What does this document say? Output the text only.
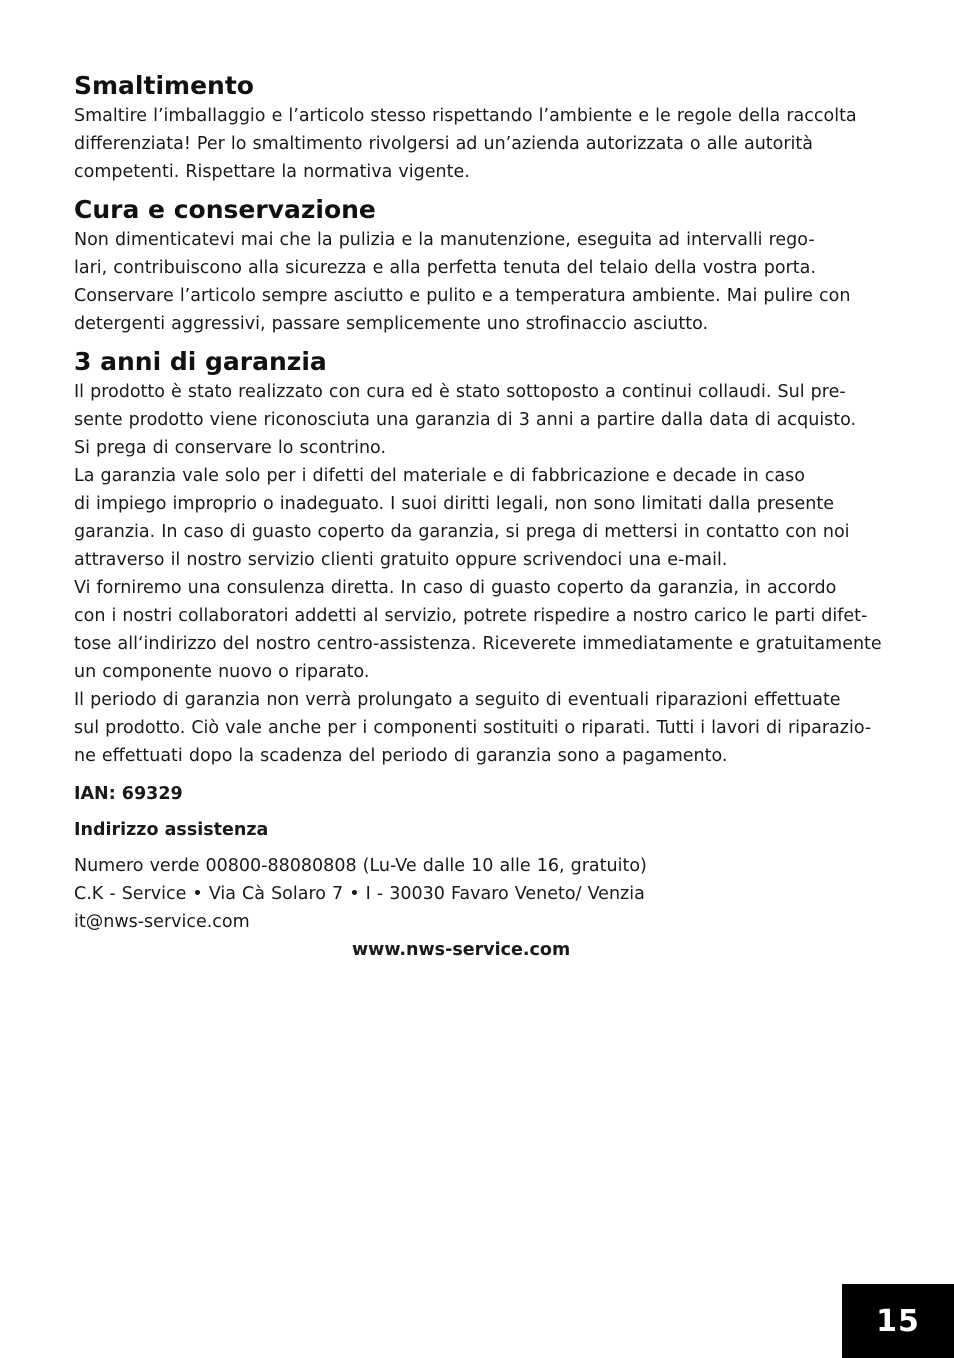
Smaltimento

Smaltire l’imballaggio e l’articolo stesso rispettando l’ambiente e le regole della raccolta
differenziata! Per lo smaltimento rivolgersi ad un’azienda autorizzata o alle autorità
competenti. Rispettare la normativa vigente.

Cura e conservazione

Non dimenticatevi mai che la pulizia e la manutenzione, eseguita ad intervalli rego-
lari, contribuiscono alla sicurezza e alla perfetta tenuta del telaio della vostra porta.
Conservare l’articolo sempre asciutto e pulito e a temperatura ambiente. Mai pulire con
detergenti aggressivi, passare semplicemente uno strofinaccio asciutto.

3 anni di garanzia

Il prodotto è stato realizzato con cura ed è stato sottoposto a continui collaudi. Sul pre-
sente prodotto viene riconosciuta una garanzia di 3 anni a partire dalla data di acquisto.
Si prega di conservare lo scontrino.
La garanzia vale solo per i difetti del materiale e di fabbricazione e decade in caso
di impiego improprio o inadeguato. I suoi diritti legali, non sono limitati dalla presente
garanzia. In caso di guasto coperto da garanzia, si prega di mettersi in contatto con noi
attraverso il nostro servizio clienti gratuito oppure scrivendoci una e-mail.
Vi forniremo una consulenza diretta. In caso di guasto coperto da garanzia, in accordo
con i nostri collaboratori addetti al servizio, potrete rispedire a nostro carico le parti difet-
tose all‘indirizzo del nostro centro-assistenza. Riceverete immediatamente e gratuitamente
un componente nuovo o riparato.
Il periodo di garanzia non verrà prolungato a seguito di eventuali riparazioni effettuate
sul prodotto. Ciò vale anche per i componenti sostituiti o riparati. Tutti i lavori di riparazio-
ne effettuati dopo la scadenza del periodo di garanzia sono a pagamento.

IAN: 69329

Indirizzo assistenza

Numero verde 00800-88080808 (Lu-Ve dalle 10 alle 16, gratuito)
C.K - Service • Via Cà Solaro 7 • I - 30030 Favaro Veneto/ Venzia
it@nws-service.com

www.nws-service.com
15
